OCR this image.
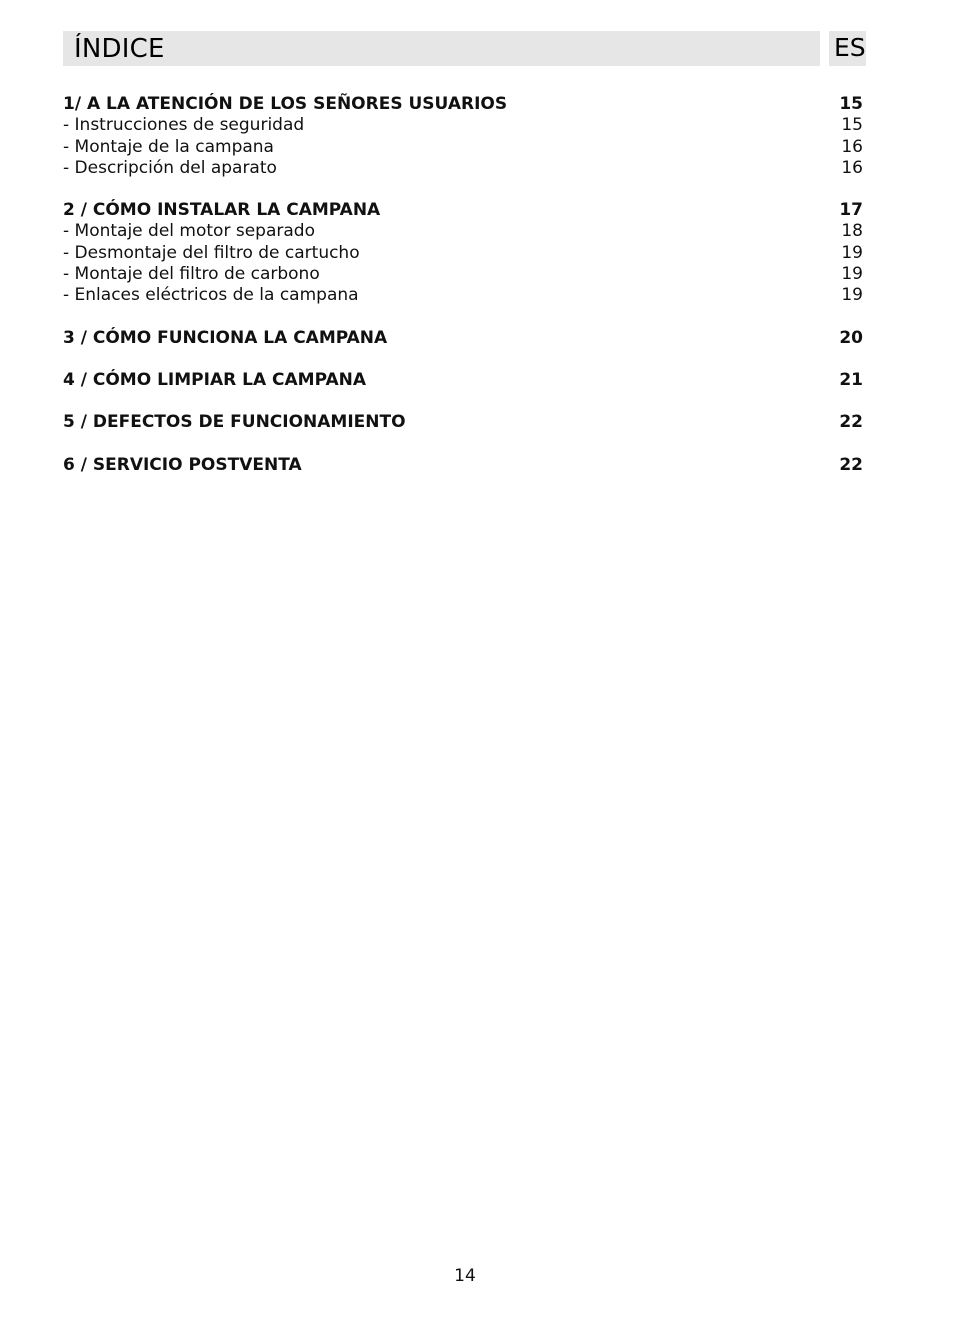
ÍNDICE	ES
1/ A LA ATENCIÓN DE LOS SEÑORES USUARIOS	15
- Instrucciones de seguridad	15
- Montaje de la campana	16
- Descripción del aparato	16
2 / CÓMO INSTALAR LA CAMPANA	17
- Montaje del motor separado	18
- Desmontaje del filtro de cartucho	19
- Montaje del filtro de carbono	19
- Enlaces eléctricos de la campana	19
3 / CÓMO FUNCIONA LA CAMPANA	20
4 / CÓMO LIMPIAR LA CAMPANA	21
5 / DEFECTOS DE FUNCIONAMIENTO	22
6 / SERVICIO POSTVENTA	22
14
